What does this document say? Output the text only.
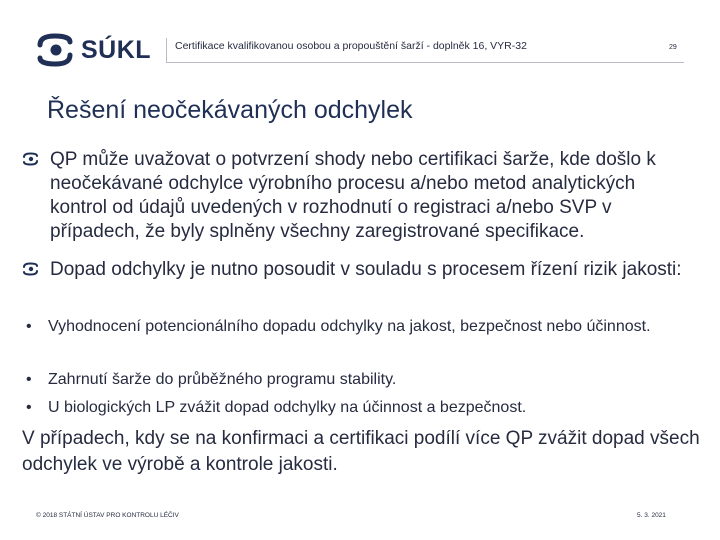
SÚKL Certifikace kvalifikovanou osobou a propouštění šarží - doplněk 16, VYR-32	29
Řešení neočekávaných odchylek
QP může uvažovat o potvrzení shody nebo certifikaci šarže, kde došlo k neočekávané odchylce výrobního procesu a/nebo metod analytických kontrol od údajů uvedených v rozhodnutí o registraci a/nebo SVP v případech, že byly splněny všechny zaregistrované specifikace.
Dopad odchylky je nutno posoudit v souladu s procesem řízení rizik jakosti:
•	Vyhodnocení potencionálního dopadu odchylky na jakost, bezpečnost nebo účinnost.
•	Zahrnutí šarže do průběžného programu stability.
•	U biologických LP zvážit dopad odchylky na účinnost a bezpečnost.
V případech, kdy se na konfirmaci a certifikaci podílí více QP zvážit dopad všech odchylek ve výrobě a kontrole jakosti.
© 2018 STÁTNÍ ÚSTAV PRO KONTROLU LÉČIV	5. 3. 2021
